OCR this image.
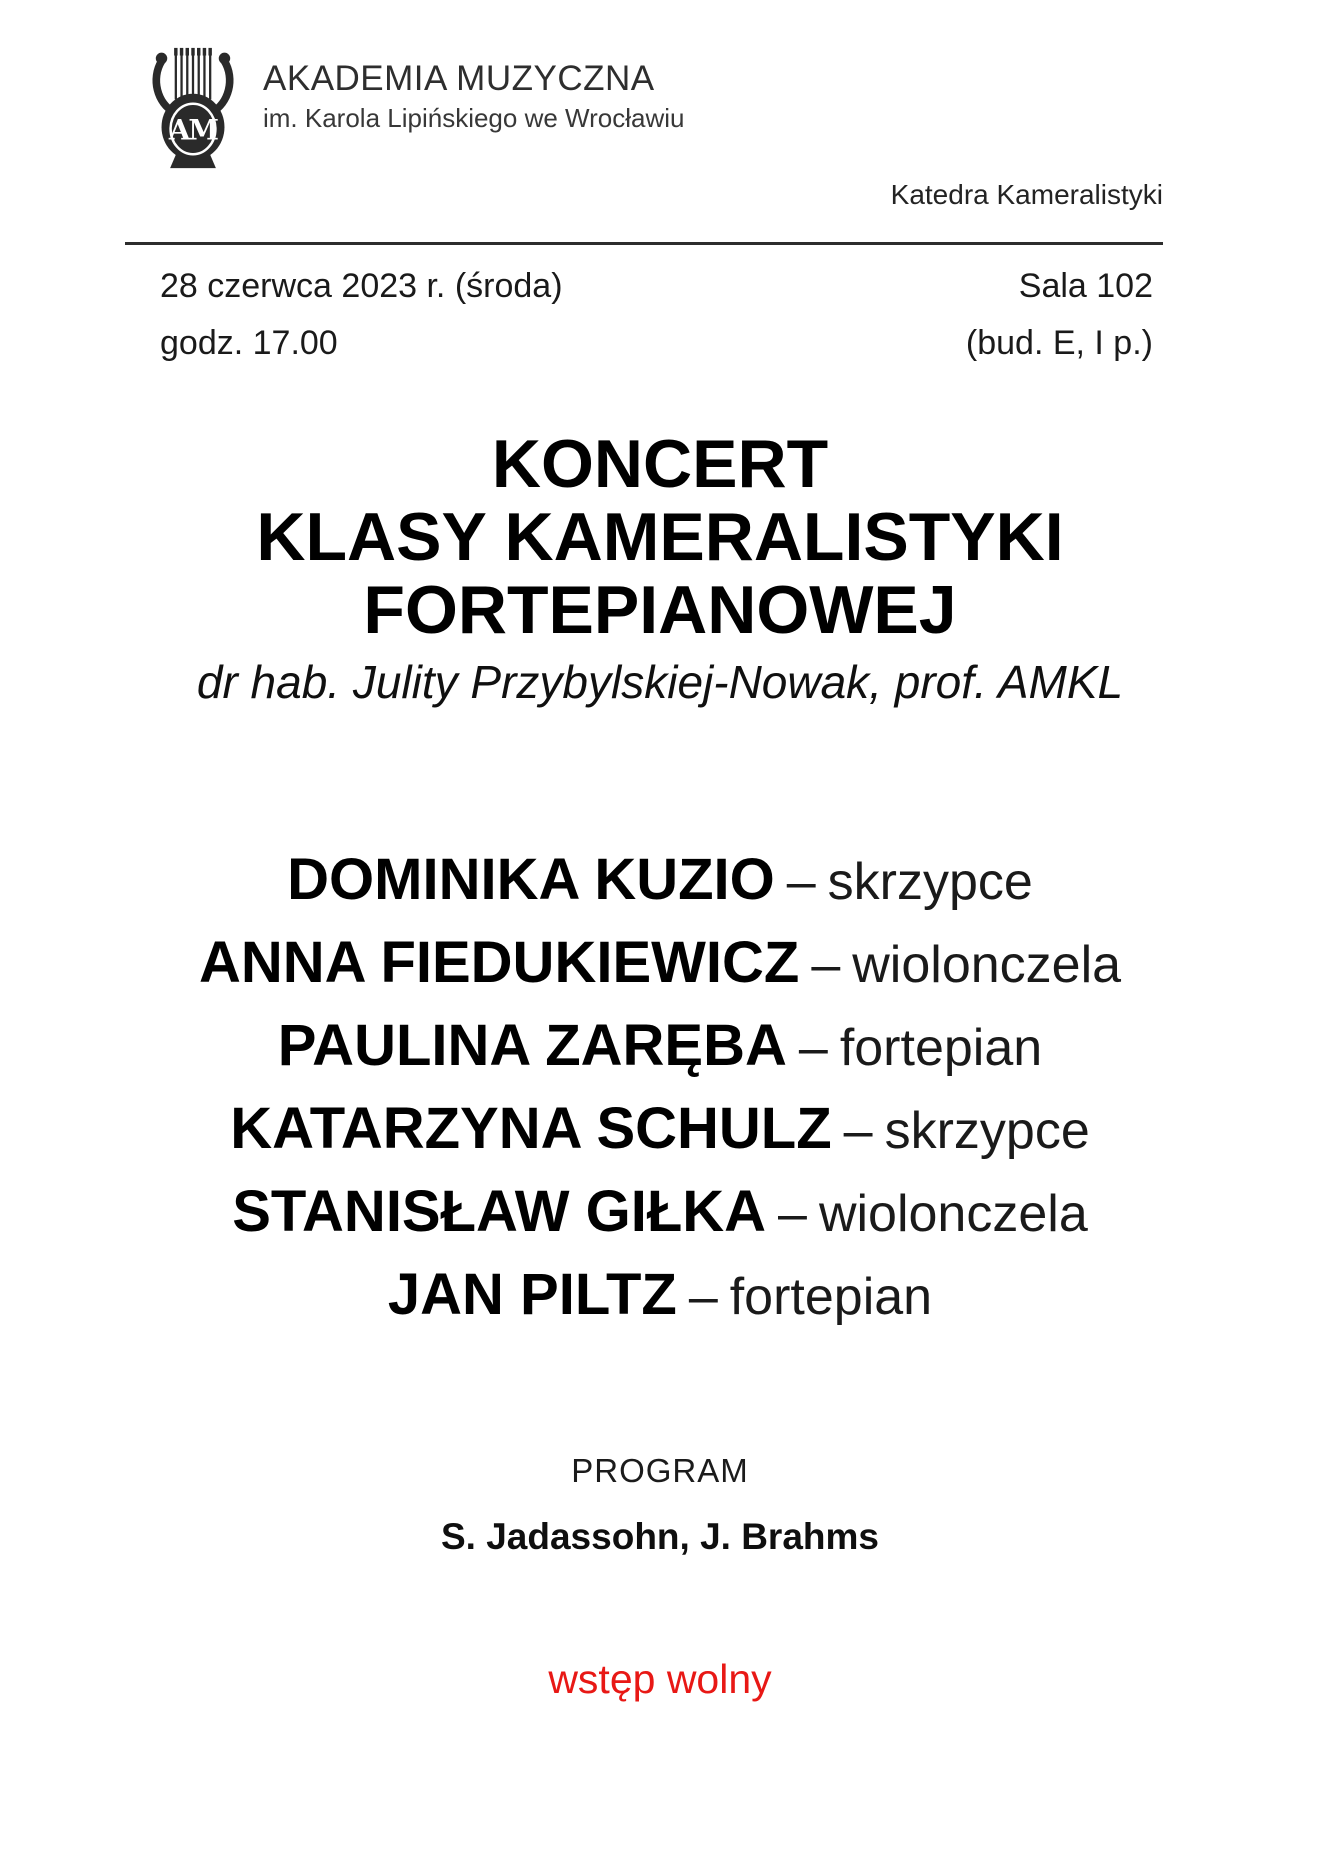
AM
AKADEMIA MUZYCZNA
im. Karola Lipińskiego we Wrocławiu
Katedra Kameralistyki
28 czerwca 2023 r. (środa)
godz. 17.00
Sala 102
(bud. E, I p.)
KONCERT
KLASY KAMERALISTYKI
FORTEPIANOWEJ
dr hab. Julity Przybylskiej-Nowak, prof. AMKL
DOMINIKA KUZIO – skrzypce
ANNA FIEDUKIEWICZ – wiolonczela
PAULINA ZARĘBA – fortepian
KATARZYNA SCHULZ – skrzypce
STANISŁAW GIŁKA – wiolonczela
JAN PILTZ – fortepian
PROGRAM
S. Jadassohn, J. Brahms
wstęp wolny
